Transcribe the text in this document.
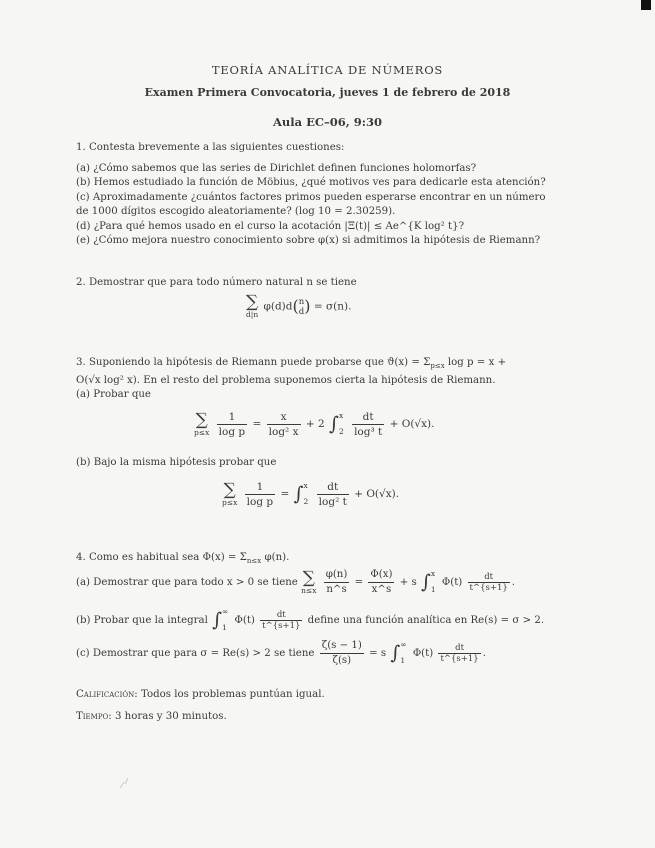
TEORÍA ANALÍTICA DE NÚMEROS
Examen Primera Convocatoria, jueves 1 de febrero de 2018
Aula EC–06, 9:30
1. Contesta brevemente a las siguientes cuestiones:
(a) ¿Cómo sabemos que las series de Dirichlet definen funciones holomorfas?
(b) Hemos estudiado la función de Möbius, ¿qué motivos ves para dedicarle esta atención?
(c) Aproximadamente ¿cuántos factores primos pueden esperarse encontrar en un número
de 1000 dígitos escogido aleatoriamente? (log 10 = 2.30259).
(d) ¿Para qué hemos usado en el curso la acotación |Ξ(t)| ≤ Ae^{K log² t}?
(e) ¿Cómo mejora nuestro conocimiento sobre φ(x) si admitimos la hipótesis de Riemann?
2. Demostrar que para todo número natural n se tiene
∑
d|n
φ(d)d( n
d ) = σ(n).
3. Suponiendo la hipótesis de Riemann puede probarse que $ϑ(x) = \Sigma_{p\le x}$ log p = x +
O(√x log² x). En el resto del problema suponemos cierta la hipótesis de Riemann.
(a) Probar que
∑
p≤x
$\frac{1}{\text{log p}} = \frac{x}{\text{log² x}} + 2$ ∫ x
2
$\frac{dt}{\text{log³ t}} + O(√x)$.
(b) Bajo la misma hipótesis probar que
∑
p≤x
$\frac{1}{\text{log p}}$ = ∫ x
2
$\frac{dt}{\text{log² t}} + O(√x)$.
4. Como es habitual sea $\Phi(x) = \Sigma_{n\le x}$ φ(n).
(a) Demostrar que para todo x > 0 se tiene ∑
n≤x
$\frac{\varphi(n)}{n\^{}s} = \frac{\Phi(x)}{x\^{}s} + s$ ∫ x
1
$\Phi(t) \frac{dt}{t\^{}\{s+1\}}$ .
(b) Probar que la integral ∫ ∞
1
$\Phi(t) \frac{dt}{t\^{}\{s+1\}}$ define una función analítica en Re(s) = σ > 2.
(c) Demostrar que para σ = Re(s) > 2 se tiene $\frac{\zeta(s - 1)}{\zeta(s)} = s$ ∫ ∞
1
$\Phi(t) \frac{dt}{t\^{}\{s+1\}}$ .
Calificación: Todos los problemas puntúan igual.
Tiempo: 3 horas y 30 minutos.
